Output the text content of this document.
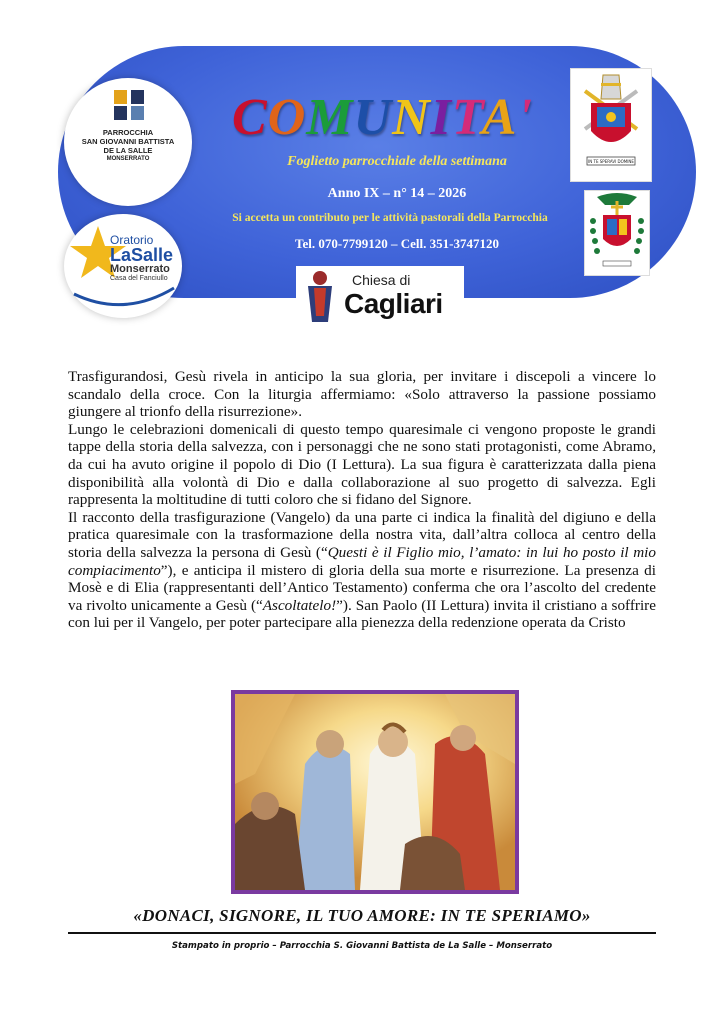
PARROCCHIA
SAN GIOVANNI BATTISTA
DE LA SALLE
MONSERRATO
Oratorio
LaSalle
Monserrato
Casa del Fanciullo
COMUNITA'
Foglietto parrocchiale della settimana
Anno IX – n° 14 – 2026
Si accetta un contributo per le attività pastorali della Parrocchia
Tel. 070-7799120 – Cell. 351-3747120
Chiesa di
Cagliari
IN TE SPERAVI DOMINE

Trasfigurandosi, Gesù rivela in anticipo la sua gloria, per invitare i discepoli a vincere lo scandalo della croce. Con la liturgia affermiamo: «Solo attraverso la passione possiamo giungere al trionfo della risurrezione».

Lungo le celebrazioni domenicali di questo tempo quaresimale ci vengono proposte le grandi tappe della storia della salvezza, con i personaggi che ne sono stati protagonisti, come Abramo, da cui ha avuto origine il popolo di Dio (I Lettura). La sua figura è caratterizzata dalla piena disponibilità alla volontà di Dio e dalla collaborazione al suo progetto di salvezza. Egli rappresenta la moltitudine di tutti coloro che si fidano del Signore.

Il racconto della trasfigurazione (Vangelo) da una parte ci indica la finalità del digiuno e della pratica quaresimale con la trasformazione della nostra vita, dall’altra colloca al centro della storia della salvezza la persona di Gesù (“Questi è il Figlio mio, l’amato: in lui ho posto il mio compiacimento”), e anticipa il mistero di gloria della sua morte e risurrezione. La presenza di Mosè e di Elia (rappresentanti dell’Antico Testamento) conferma che ora l’ascolto del credente va rivolto unicamente a Gesù (“Ascoltatelo!”). San Paolo (II Lettura) invita il cristiano a soffrire con lui per il Vangelo, per poter partecipare alla pienezza della redenzione operata da Cristo

«DONACI, SIGNORE, IL TUO AMORE: IN TE SPERIAMO»
Stampato in proprio – Parrocchia S. Giovanni Battista de La Salle – Monserrato
